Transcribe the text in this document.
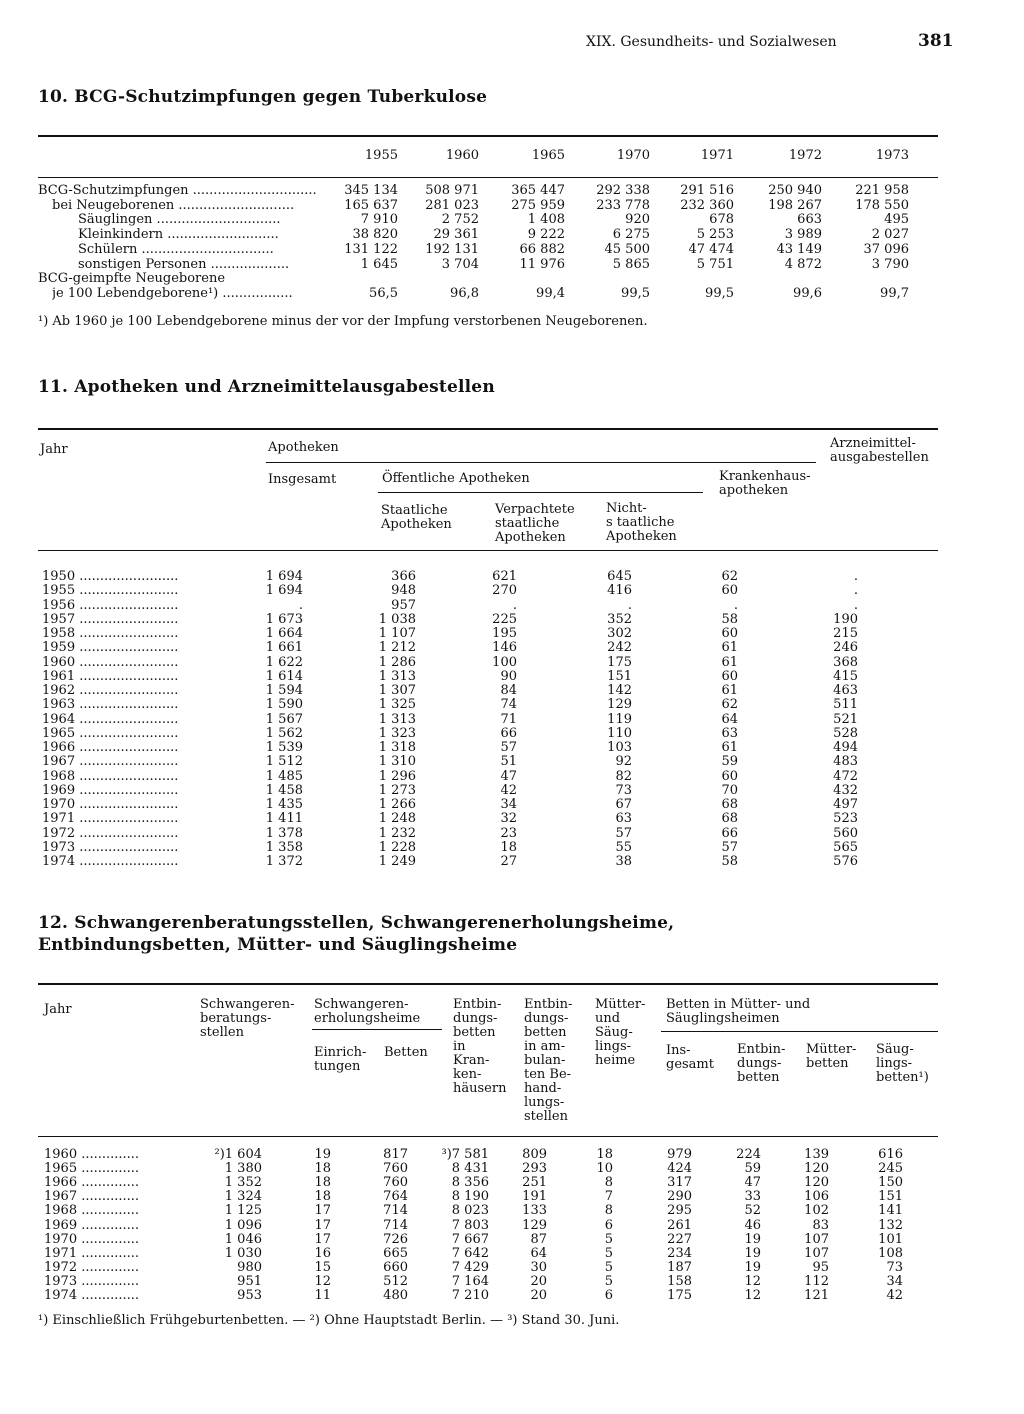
XIX. Gesundheits- und Sozialwesen	381
10. BCG-Schutzimpfungen gegen Tuberkulose
1955	1960	1965	1970	1971	1972	1973
BCG-Schutzimpfungen ..............................	345 134	508 971	365 447	292 338	291 516	250 940	221 958
bei Neugeborenen ............................	165 637	281 023	275 959	233 778	232 360	198 267	178 550
Säuglingen ..............................	7 910	2 752	1 408	920	678	663	495
Kleinkindern ...........................	38 820	29 361	9 222	6 275	5 253	3 989	2 027
Schülern ................................	131 122	192 131	66 882	45 500	47 474	43 149	37 096
sonstigen Personen ...................	1 645	3 704	11 976	5 865	5 751	4 872	3 790
BCG-geimpfte Neugeborene
je 100 Lebendgeborene¹) .................	56,5	96,8	99,4	99,5	99,5	99,6	99,7
¹) Ab 1960 je 100 Lebendgeborene minus der vor der Impfung verstorbenen Neugeborenen.
11. Apotheken und Arzneimittelausgabestellen
Jahr	Apotheken
Insgesamt	Öffentliche Apotheken
Staatliche
Apotheken
Verpachtete
staatliche
Apotheken
Nicht-
s taatliche
Apotheken
Krankenhaus-
apotheken
Arzneimittel-
ausgabestellen
1950 ........................	1 694	366	621	645	62	.
1955 ........................	1 694	948	270	416	60	.
1956 ........................	.	957	.	.	.	.
1957 ........................	1 673	1 038	225	352	58	190
1958 ........................	1 664	1 107	195	302	60	215
1959 ........................	1 661	1 212	146	242	61	246
1960 ........................	1 622	1 286	100	175	61	368
1961 ........................	1 614	1 313	90	151	60	415
1962 ........................	1 594	1 307	84	142	61	463
1963 ........................	1 590	1 325	74	129	62	511
1964 ........................	1 567	1 313	71	119	64	521
1965 ........................	1 562	1 323	66	110	63	528
1966 ........................	1 539	1 318	57	103	61	494
1967 ........................	1 512	1 310	51	92	59	483
1968 ........................	1 485	1 296	47	82	60	472
1969 ........................	1 458	1 273	42	73	70	432
1970 ........................	1 435	1 266	34	67	68	497
1971 ........................	1 411	1 248	32	63	68	523
1972 ........................	1 378	1 232	23	57	66	560
1973 ........................	1 358	1 228	18	55	57	565
1974 ........................	1 372	1 249	27	38	58	576
12. Schwangerenberatungsstellen, Schwangerenerholungsheime,
Entbindungsbetten, Mütter- und Säuglingsheime
Jahr	Schwangeren-
beratungs-
stellen
Schwangeren-
erholungsheime
Einrich-
tungen
Betten
Entbin-
dungs-
betten
in
Kran-
ken-
häusern
Entbin-
dungs-
betten
in am-
bulan-
ten Be-
hand-
lungs-
stellen
Mütter-
und
Säug-
lings-
heime
Betten in Mütter- und
Säuglingsheimen
Ins-
gesamt
Entbin-
dungs-
betten
Mütter-
betten
Säug-
lings-
betten¹)
1960 ..............	²)1 604	19	817	³)7 581	809	18	979	224	139	616
1965 ..............	1 380	18	760	8 431	293	10	424	59	120	245
1966 ..............	1 352	18	760	8 356	251	8	317	47	120	150
1967 ..............	1 324	18	764	8 190	191	7	290	33	106	151
1968 ..............	1 125	17	714	8 023	133	8	295	52	102	141
1969 ..............	1 096	17	714	7 803	129	6	261	46	83	132
1970 ..............	1 046	17	726	7 667	87	5	227	19	107	101
1971 ..............	1 030	16	665	7 642	64	5	234	19	107	108
1972 ..............	980	15	660	7 429	30	5	187	19	95	73
1973 ..............	951	12	512	7 164	20	5	158	12	112	34
1974 ..............	953	11	480	7 210	20	6	175	12	121	42
¹) Einschließlich Frühgeburtenbetten. — ²) Ohne Hauptstadt Berlin. — ³) Stand 30. Juni.
